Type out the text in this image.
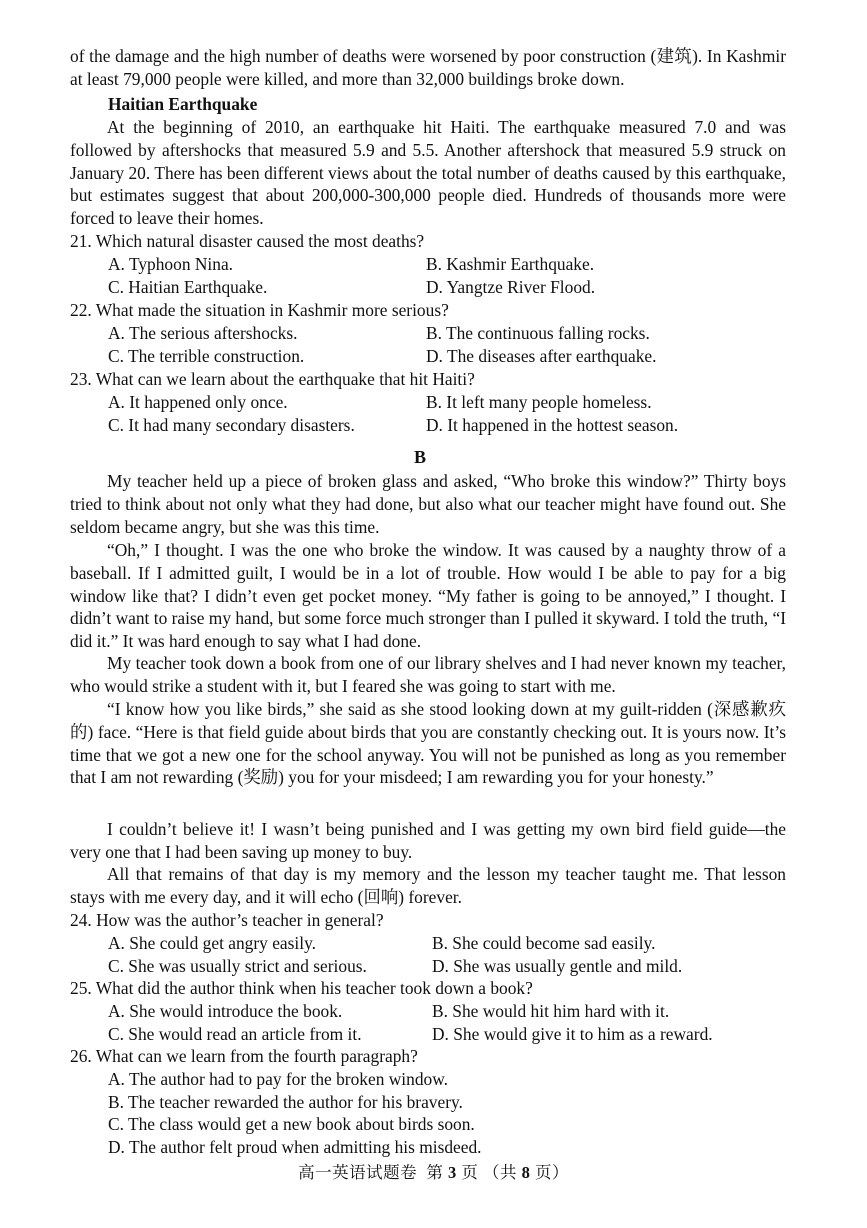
of the damage and the high number of deaths were worsened by poor construction (建筑). In Kashmir at least 79,000 people were killed, and more than 32,000 buildings broke down.

Haitian Earthquake

At the beginning of 2010, an earthquake hit Haiti. The earthquake measured 7.0 and was followed by aftershocks that measured 5.9 and 5.5. Another aftershock that measured 5.9 struck on January 20. There has been different views about the total number of deaths caused by this earthquake, but estimates suggest that about 200,000-300,000 people died. Hundreds of thousands more were forced to leave their homes.

21. Which natural disaster caused the most deaths?

A. Typhoon Nina.	B. Kashmir Earthquake.

C. Haitian Earthquake.	D. Yangtze River Flood.

22. What made the situation in Kashmir more serious?

A. The serious aftershocks.	B. The continuous falling rocks.

C. The terrible construction.	D. The diseases after earthquake.

23. What can we learn about the earthquake that hit Haiti?

A. It happened only once.	B. It left many people homeless.

C. It had many secondary disasters.	D. It happened in the hottest season.

B

My teacher held up a piece of broken glass and asked, “Who broke this window?” Thirty boys tried to think about not only what they had done, but also what our teacher might have found out. She seldom became angry, but she was this time.

“Oh,” I thought. I was the one who broke the window. It was caused by a naughty throw of a baseball. If I admitted guilt, I would be in a lot of trouble. How would I be able to pay for a big window like that? I didn’t even get pocket money. “My father is going to be annoyed,” I thought. I didn’t want to raise my hand, but some force much stronger than I pulled it skyward. I told the truth, “I did it.” It was hard enough to say what I had done.

My teacher took down a book from one of our library shelves and I had never known my teacher, who would strike a student with it, but I feared she was going to start with me.

“I know how you like birds,” she said as she stood looking down at my guilt-ridden (深感歉疚的) face. “Here is that field guide about birds that you are constantly checking out. It is yours now. It’s time that we got a new one for the school anyway. You will not be punished as long as you remember that I am not rewarding (奖励) you for your misdeed; I am rewarding you for your honesty.”

I couldn’t believe it! I wasn’t being punished and I was getting my own bird field guide—the very one that I had been saving up money to buy.

All that remains of that day is my memory and the lesson my teacher taught me. That lesson stays with me every day, and it will echo (回响) forever.

24. How was the author’s teacher in general?

A. She could get angry easily.	B. She could become sad easily.

C. She was usually strict and serious.	D. She was usually gentle and mild.

25. What did the author think when his teacher took down a book?

A. She would introduce the book.	B. She would hit him hard with it.

C. She would read an article from it.	D. She would give it to him as a reward.

26. What can we learn from the fourth paragraph?

A. The author had to pay for the broken window.

B. The teacher rewarded the author for his bravery.

C. The class would get a new book about birds soon.

D. The author felt proud when admitting his misdeed.

高一英语试题卷 第 3 页 （共 8 页）
